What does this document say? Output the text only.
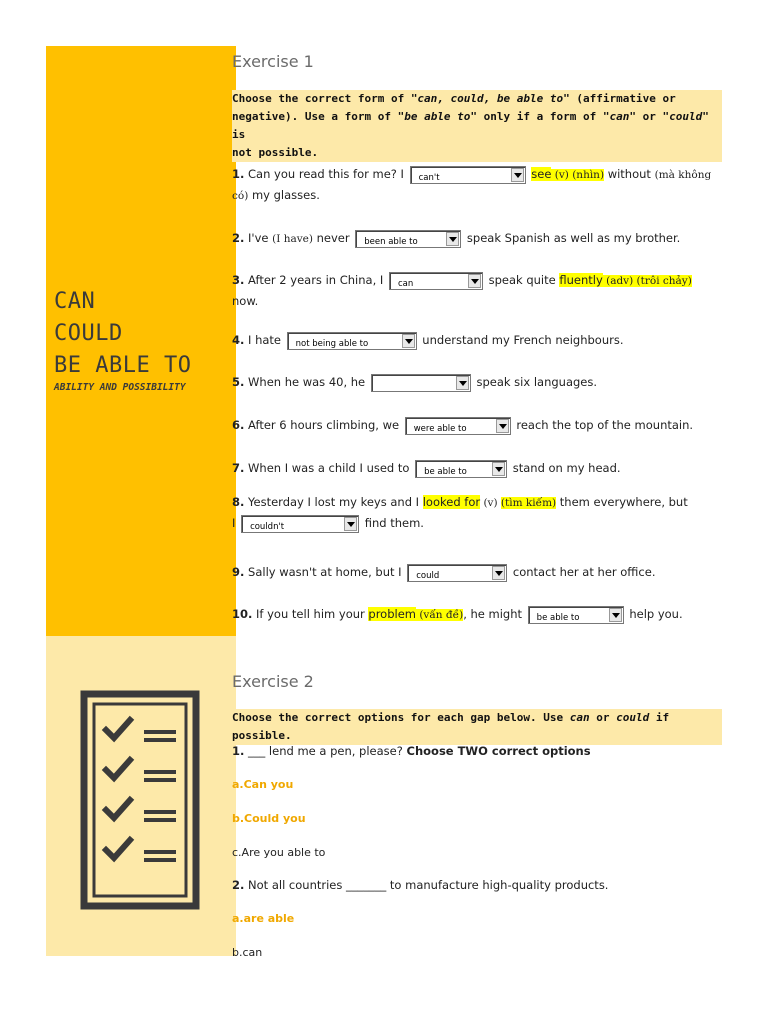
CAN
COULD
BE ABLE TO
ABILITY AND POSSIBILITY
Exercise 1
Choose the correct form of "can, could, be able to" (affirmative or
negative). Use a form of "be able to" only if a form of "can" or "could" is
not possible.
1. Can you read this for me? I can't	see (v) (nhìn) without (mà không
có) my glasses.
2. I've (I have) never been able to	speak Spanish as well as my brother.
3. After 2 years in China, I can	speak quite fluently (adv) (trôi chảy)
now.
4. I hate not being able to	understand my French neighbours.
5. When he was 40, he	speak six languages.
6. After 6 hours climbing, we were able to	reach the top of the mountain.
7. When I was a child I used to be able to	stand on my head.
8. Yesterday I lost my keys and I looked for (v) (tìm kiếm) them everywhere, but
I couldn't	find them.
9. Sally wasn't at home, but I could	contact her at her office.
10. If you tell him your problem (vấn đề), he might be able to	help you.
Exercise 2
Choose the correct options for each gap below. Use can or could if possible.
1. ___ lend me a pen, please? Choose TWO correct options
a.Can you
b.Could you
c.Are you able to
2. Not all countries _______ to manufacture high-quality products.
a.are able
b.can
